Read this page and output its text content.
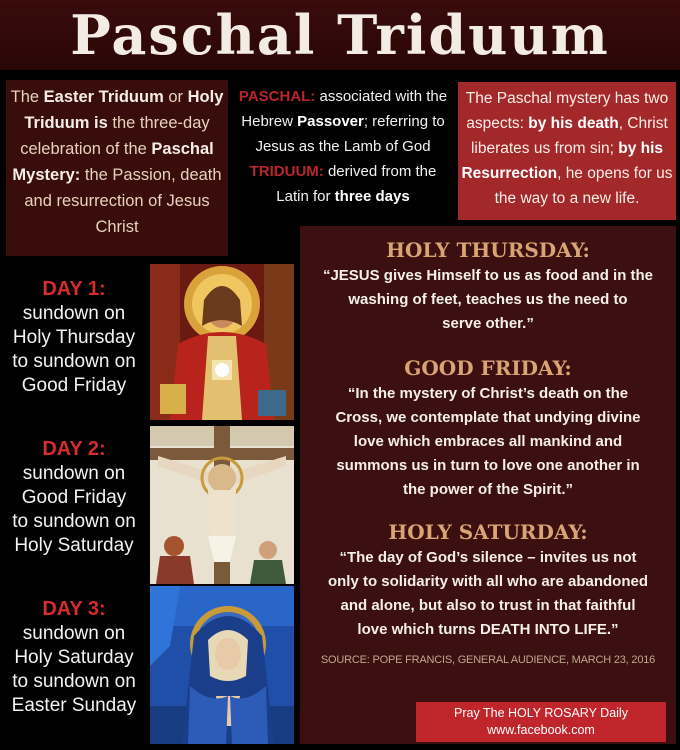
Paschal Triduum
The Easter Triduum or Holy Triduum is the three-day celebration of the Paschal Mystery: the Passion, death and resurrection of Jesus Christ
PASCHAL: associated with the Hebrew Passover; referring to Jesus as the Lamb of God
TRIDUUM: derived from the Latin for three days
The Paschal mystery has two aspects: by his death, Christ liberates us from sin; by his Resurrection, he opens for us the way to a new life.
DAY 1:
sundown on
Holy Thursday
to sundown on
Good Friday
DAY 2:
sundown on
Good Friday
to sundown on
Holy Saturday
DAY 3:
sundown on
Holy Saturday
to sundown on
Easter Sunday
HOLY THURSDAY:
“JESUS gives Himself to us as food and in the
washing of feet, teaches us the need to
serve other.”
GOOD FRIDAY:
“In the mystery of Christ’s death on the
Cross, we contemplate that undying divine
love which embraces all mankind and
summons us in turn to love one another in
the power of the Spirit.”
HOLY SATURDAY:
“The day of God’s silence – invites us not
only to solidarity with all who are abandoned
and alone, but also to trust in that faithful
love which turns DEATH INTO LIFE.”
SOURCE: POPE FRANCIS, GENERAL AUDIENCE, MARCH 23, 2016
Pray The HOLY ROSARY Daily
www.facebook.com
